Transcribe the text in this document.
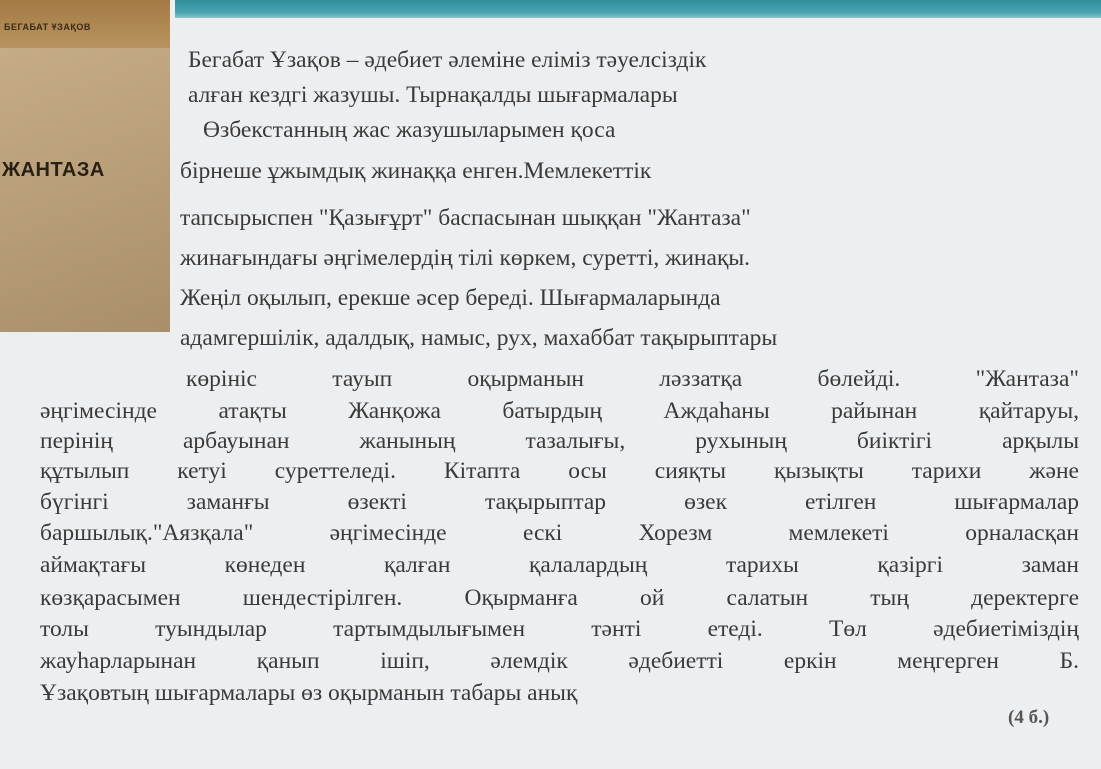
БЕГАБАТ ҰЗАҚОВ
ЖАНТАЗА
Бегабат Ұзақов – әдебиет әлеміне еліміз тәуелсіздік
алған кездгі жазушы. Тырнақалды шығармалары
Өзбекстанның жас жазушыларымен қоса
бірнеше ұжымдық жинаққа енген.Мемлекеттік
тапсырыспен "Қазығұрт" баспасынан шыққан "Жантаза"
жинағындағы әңгімелердің тілі көркем, суретті, жинақы.
Жеңіл оқылып, ерекше әсер береді. Шығармаларында
адамгершілік, адалдық, намыс, рух, махаббат тақырыптары
көрініс тауып оқырманын ләззатқа бөлейді. "Жантаза"
әңгімесінде атақты Жанқожа батырдың Аждаһаны райынан қайтаруы,
перінің арбауынан жанының тазалығы, рухының биіктігі арқылы
құтылып кетуі суреттеледі. Кітапта осы сияқты қызықты тарихи және
бүгінгі заманғы өзекті тақырыптар өзек етілген шығармалар
баршылық."Аязқала" әңгімесінде ескі Хорезм мемлекеті орналасқан
аймақтағы көнеден қалған қалалардың тарихы қазіргі заман
көзқарасымен шендестірілген. Оқырманға ой салатын тың деректерге
толы туындылар тартымдылығымен тәнті етеді. Төл әдебиетіміздің
жауһарларынан қанып ішіп, әлемдік әдебиетті еркін меңгерген Б.
Ұзақовтың шығармалары өз оқырманын табары анық
(4 б.)
